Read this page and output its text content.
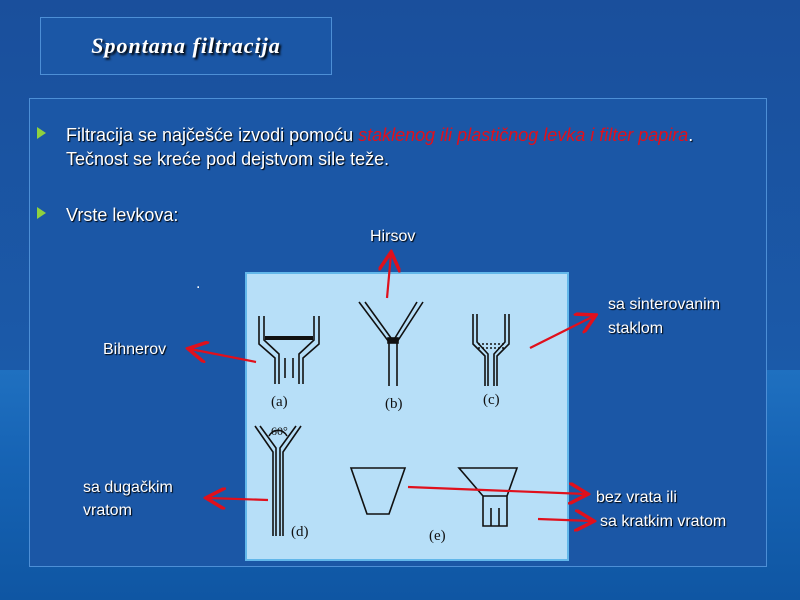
Spontana filtracija
Filtracija se najčešće izvodi pomoću staklenog ili plastičnog levka i filter papira. Tečnost se kreće pod dejstvom sile teže.
Vrste levkova:
.
Hirsov
sa sinterovanim
staklom
Bihnerov
sa dugačkim
vratom
bez vrata ili
sa kratkim vratom
(a)	(b)	(c)
60°
(d)	(e)
